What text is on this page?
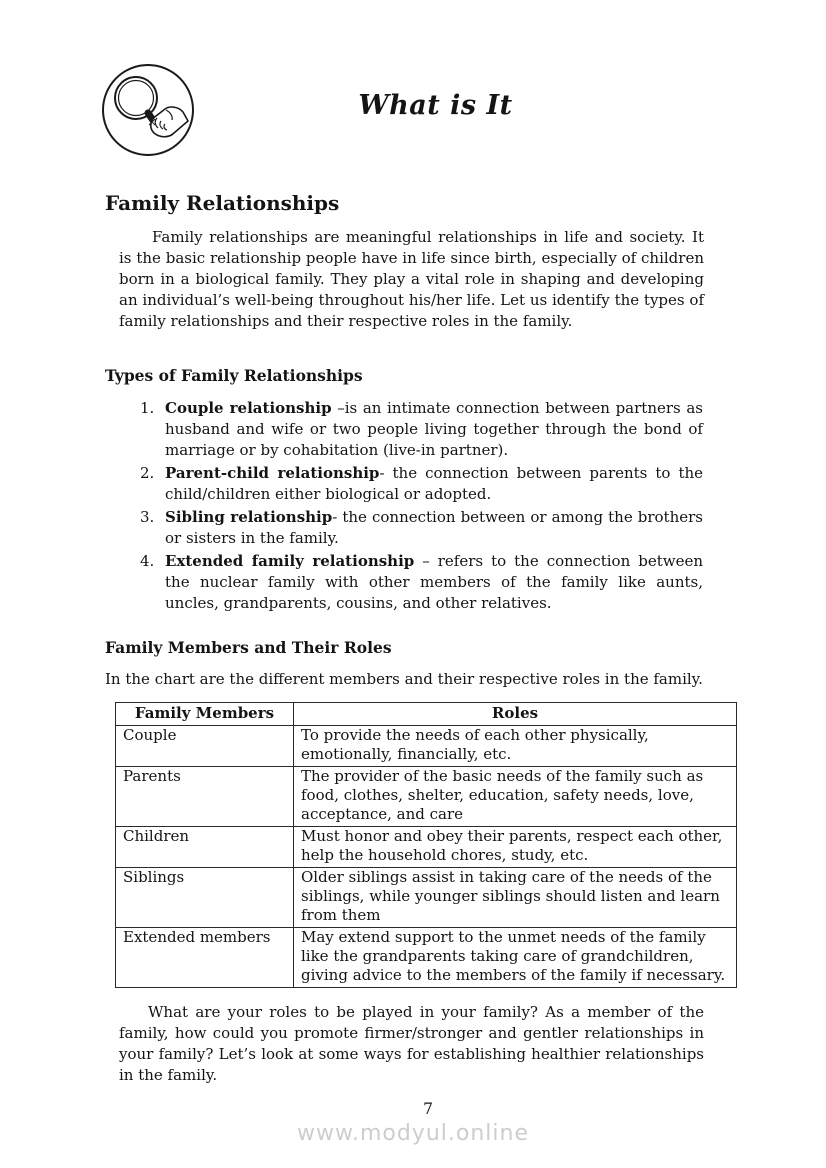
What is It
Family Relationships

Family relationships are meaningful relationships in life and society. It is the basic relationship people have in life since birth, especially of children born in a biological family. They play a vital role in shaping and developing an individual’s well-being throughout his/her life. Let us identify the types of family relationships and their respective roles in the family.

Types of Family Relationships
1. Couple relationship –is an intimate connection between partners as husband and wife or two people living together through the bond of marriage or by cohabitation (live-in partner).
2. Parent-child relationship- the connection between parents to the child/children either biological or adopted.
3. Sibling relationship- the connection between or among the brothers or sisters in the family.
4. Extended family relationship – refers to the connection between the nuclear family with other members of the family like aunts, uncles, grandparents, cousins, and other relatives.
Family Members and Their Roles

In the chart are the different members and their respective roles in the family.

Family Members	Roles
Couple	To provide the needs of each other physically, emotionally, financially, etc.
Parents	The provider of the basic needs of the family such as food, clothes, shelter, education, safety needs, love, acceptance, and care
Children	Must honor and obey their parents, respect each other, help the household chores, study, etc.
Siblings	Older siblings assist in taking care of the needs of the siblings, while younger siblings should listen and learn from them
Extended members	May extend support to the unmet needs of the family like the grandparents taking care of grandchildren, giving advice to the members of the family if necessary.

What are your roles to be played in your family? As a member of the family, how could you promote firmer/stronger and gentler relationships in your family? Let’s look at some ways for establishing healthier relationships in the family.

7
www.modyul.online
